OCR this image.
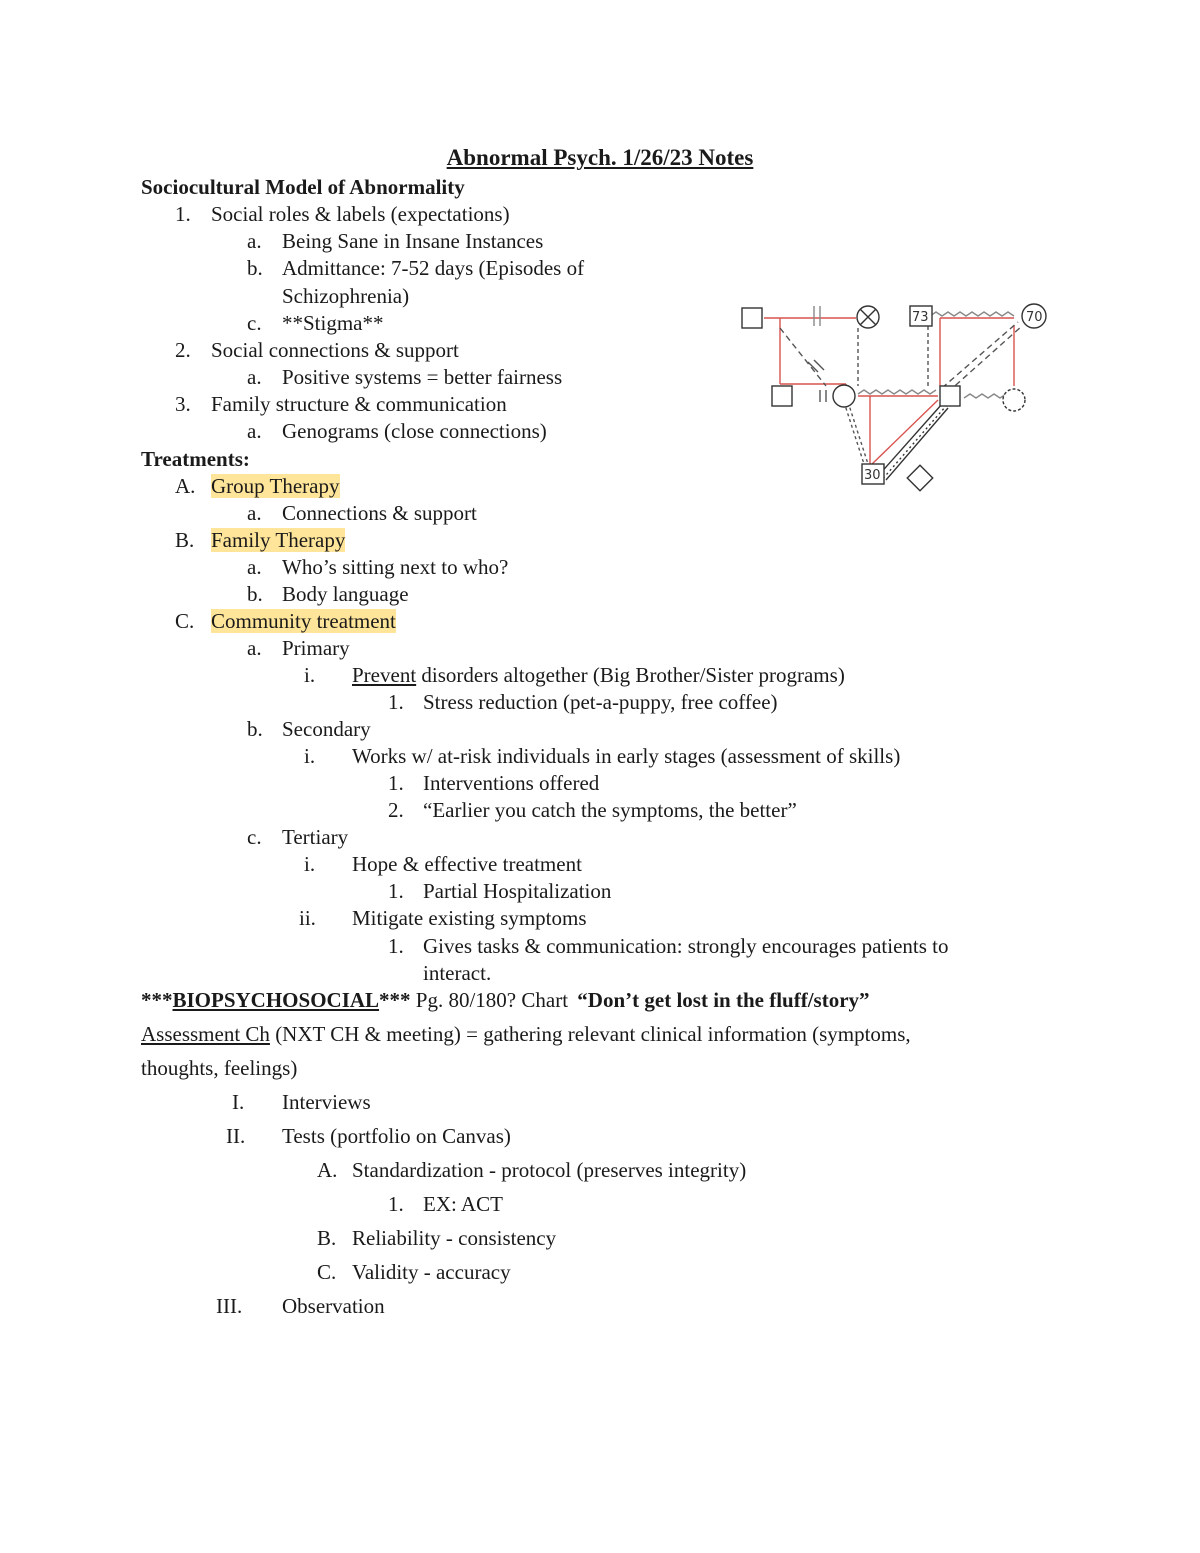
Abnormal Psych. 1/26/23 Notes
Sociocultural Model of Abnormality
1. Social roles & labels (expectations)
a. Being Sane in Insane Instances
b. Admittance: 7-52 days (Episodes of
Schizophrenia)
c. **Stigma**
2. Social connections & support
a. Positive systems = better fairness
3. Family structure & communication
a. Genograms (close connections)
Treatments:
A. Group Therapy
a. Connections & support
B. Family Therapy
a. Who’s sitting next to who?
b. Body language
C. Community treatment
a. Primary
i. Prevent disorders altogether (Big Brother/Sister programs)
1. Stress reduction (pet-a-puppy, free coffee)
b. Secondary
i. Works w/ at-risk individuals in early stages (assessment of skills)
1. Interventions offered
2. “Earlier you catch the symptoms, the better”
c. Tertiary
i. Hope & effective treatment
1. Partial Hospitalization
ii. Mitigate existing symptoms
1. Gives tasks & communication: strongly encourages patients to
interact.
***BIOPSYCHOSOCIAL*** Pg. 80/180? Chart “Don’t get lost in the fluff/story”
Assessment Ch (NXT CH & meeting) = gathering relevant clinical information (symptoms,
thoughts, feelings)
I. Interviews
II. Tests (portfolio on Canvas)
A. Standardization - protocol (preserves integrity)
1. EX: ACT
B. Reliability - consistency
C. Validity - accuracy
III. Observation
73	70
30
